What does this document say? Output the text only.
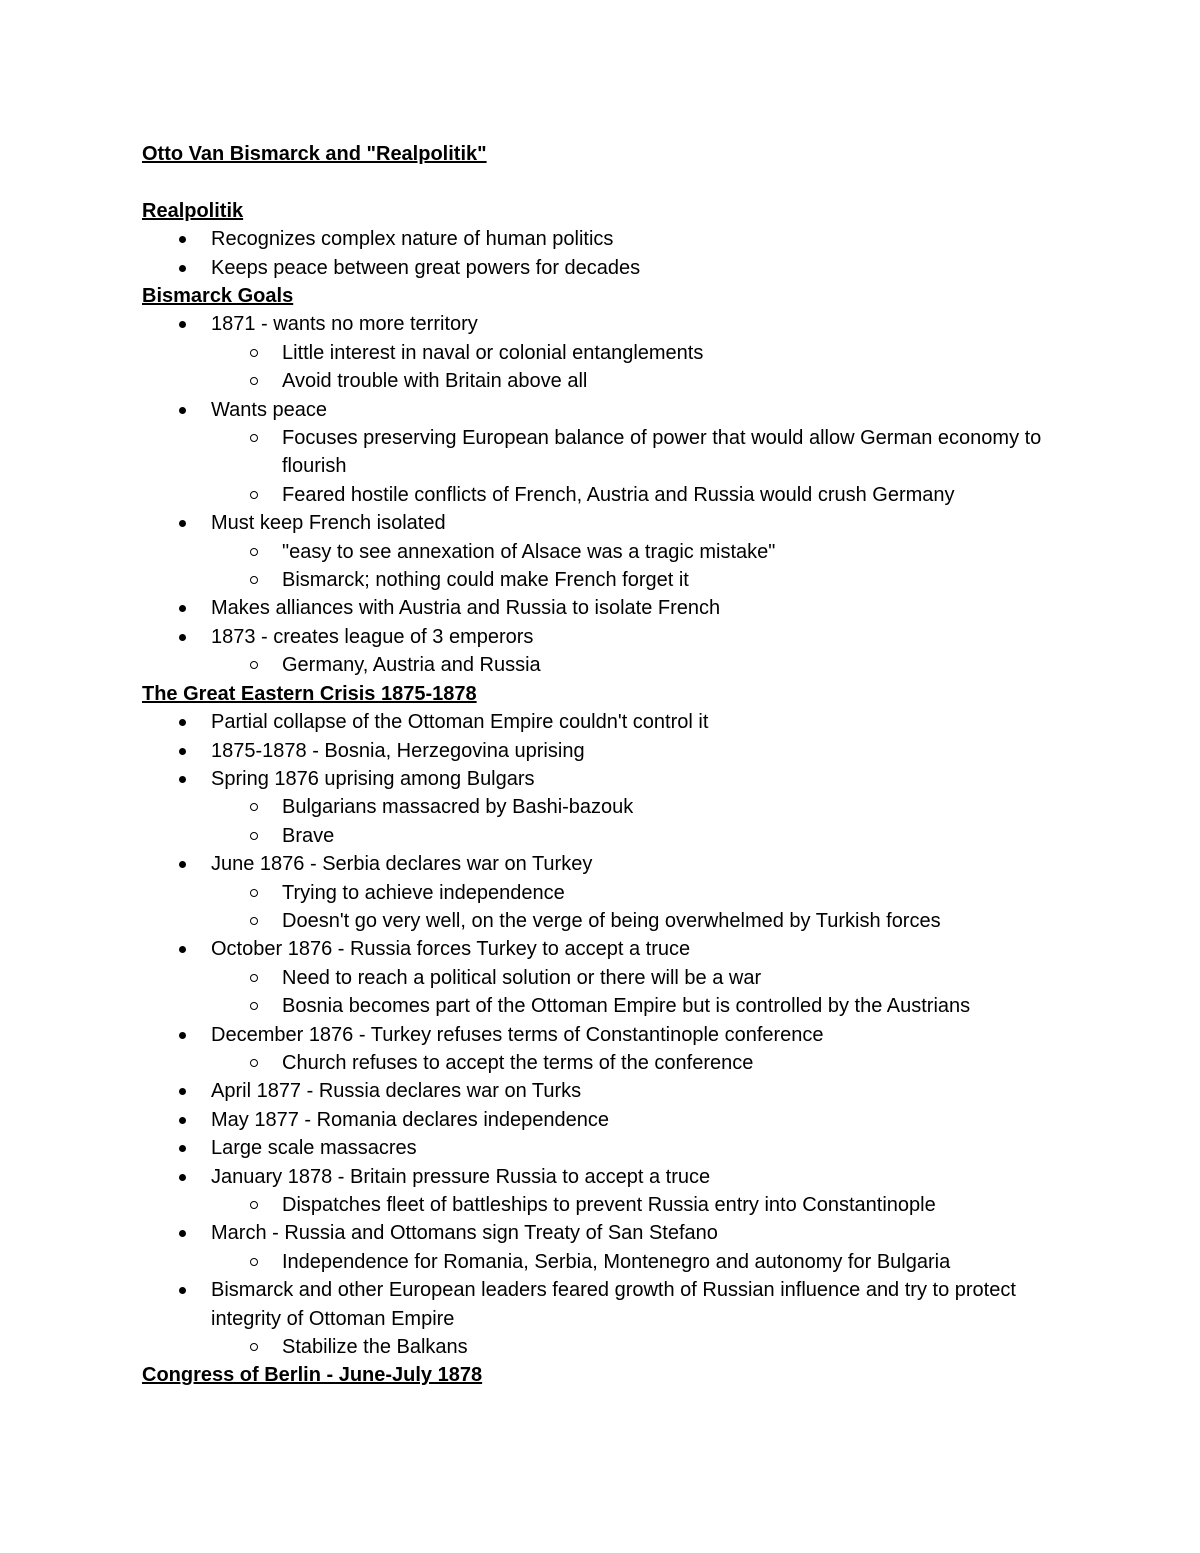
Otto Van Bismarck and "Realpolitik"
Realpolitik
Recognizes complex nature of human politics
Keeps peace between great powers for decades
Bismarck Goals
1871 - wants no more territory
Little interest in naval or colonial entanglements
Avoid trouble with Britain above all
Wants peace
Focuses preserving European balance of power that would allow German economy to flourish
Feared hostile conflicts of French, Austria and Russia would crush Germany
Must keep French isolated
"easy to see annexation of Alsace was a tragic mistake"
Bismarck; nothing could make French forget it
Makes alliances with Austria and Russia to isolate French
1873 - creates league of 3 emperors
Germany, Austria and Russia
The Great Eastern Crisis 1875-1878
Partial collapse of the Ottoman Empire couldn't control it
1875-1878 - Bosnia, Herzegovina uprising
Spring 1876 uprising among Bulgars
Bulgarians massacred by Bashi-bazouk
Brave
June 1876 - Serbia declares war on Turkey
Trying to achieve independence
Doesn't go very well, on the verge of being overwhelmed by Turkish forces
October 1876 - Russia forces Turkey to accept a truce
Need to reach a political solution or there will be a war
Bosnia becomes part of the Ottoman Empire but is controlled by the Austrians
December 1876 - Turkey refuses terms of Constantinople conference
Church refuses to accept the terms of the conference
April 1877 - Russia declares war on Turks
May 1877 - Romania declares independence
Large scale massacres
January 1878 - Britain pressure Russia to accept a truce
Dispatches fleet of battleships to prevent Russia entry into Constantinople
March - Russia and Ottomans sign Treaty of San Stefano
Independence for Romania, Serbia, Montenegro and autonomy for Bulgaria
Bismarck and other European leaders feared growth of Russian influence and try to protect integrity of Ottoman Empire
Stabilize the Balkans
Congress of Berlin - June-July 1878
